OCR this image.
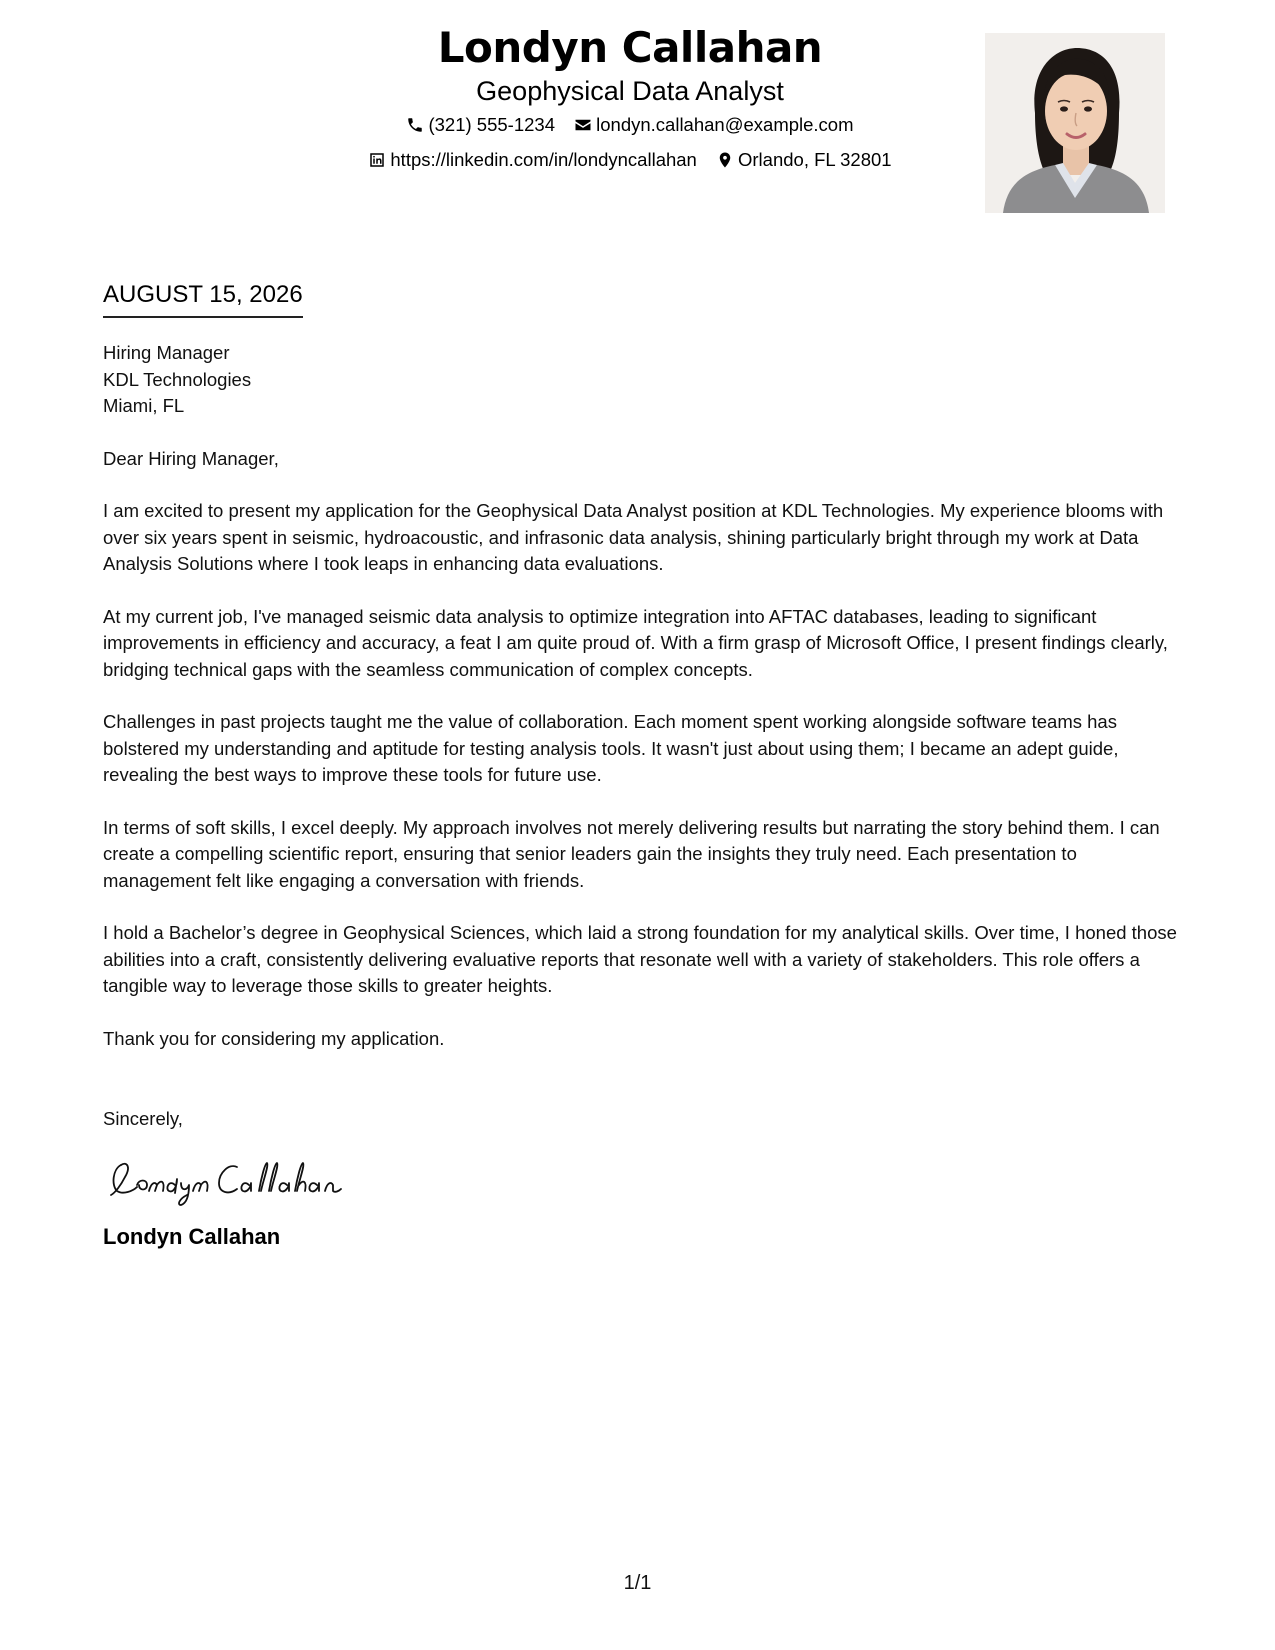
Londyn Callahan
Geophysical Data Analyst
(321) 555-1234
londyn.callahan@example.com
https://linkedin.com/in/londyncallahan
Orlando, FL 32801
AUGUST 15, 2026
Hiring Manager
KDL Technologies
Miami, FL
Dear Hiring Manager,

I am excited to present my application for the Geophysical Data Analyst position at KDL Technologies. My experience blooms with over six years spent in seismic, hydroacoustic, and infrasonic data analysis, shining particularly bright through my work at Data Analysis Solutions where I took leaps in enhancing data evaluations.

At my current job, I've managed seismic data analysis to optimize integration into AFTAC databases, leading to significant improvements in efficiency and accuracy, a feat I am quite proud of. With a firm grasp of Microsoft Office, I present findings clearly, bridging technical gaps with the seamless communication of complex concepts.

Challenges in past projects taught me the value of collaboration. Each moment spent working alongside software teams has bolstered my understanding and aptitude for testing analysis tools. It wasn't just about using them; I became an adept guide, revealing the best ways to improve these tools for future use.

In terms of soft skills, I excel deeply. My approach involves not merely delivering results but narrating the story behind them. I can create a compelling scientific report, ensuring that senior leaders gain the insights they truly need. Each presentation to management felt like engaging a conversation with friends.

I hold a Bachelor’s degree in Geophysical Sciences, which laid a strong foundation for my analytical skills. Over time, I honed those abilities into a craft, consistently delivering evaluative reports that resonate well with a variety of stakeholders. This role offers a tangible way to leverage those skills to greater heights.

Thank you for considering my application.

Sincerely,
Londyn Callahan
1/1
